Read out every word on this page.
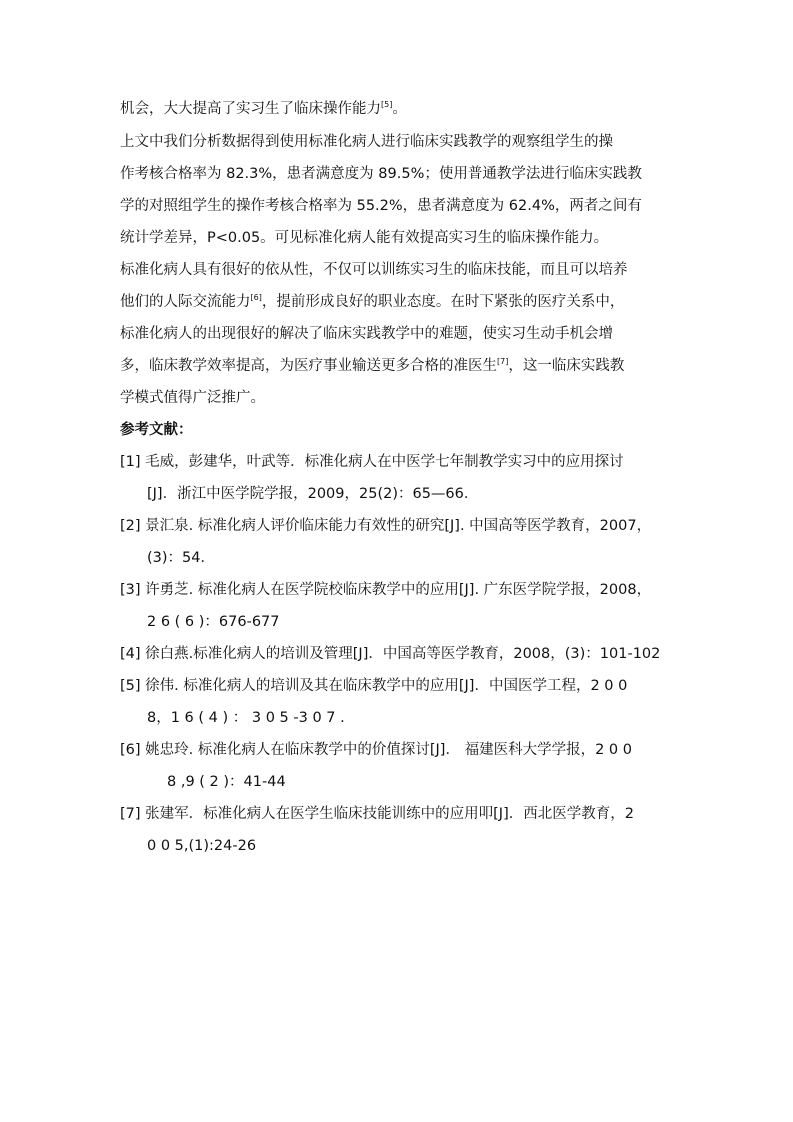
机会，大大提高了实习生了临床操作能力[5]。
上文中我们分析数据得到使用标准化病人进行临床实践教学的观察组学生的操
作考核合格率为 82.3%，患者满意度为 89.5%；使用普通教学法进行临床实践教
学的对照组学生的操作考核合格率为 55.2%，患者满意度为 62.4%，两者之间有
统计学差异，P<0.05。可见标准化病人能有效提高实习生的临床操作能力。
标准化病人具有很好的依从性，不仅可以训练实习生的临床技能，而且可以培养
他们的人际交流能力[6]，提前形成良好的职业态度。在时下紧张的医疗关系中，
标准化病人的出现很好的解决了临床实践教学中的难题，使实习生动手机会增
多，临床教学效率提高，为医疗事业输送更多合格的准医生[7]，这一临床实践教
学模式值得广泛推广。
参考文献：
[1] 毛威，彭建华，叶武等．标准化病人在中医学七年制教学实习中的应用探讨
[J]．浙江中医学院学报，2009，25(2)：65—66．
[2] 景汇泉. 标准化病人评价临床能力有效性的研究[J]. 中国高等医学教育，2007，
(3)：54．
[3] 许勇芝. 标准化病人在医学院校临床教学中的应用[J]. 广东医学院学报，2008，
2 6 ( 6 )：676-677
[4] 徐白燕.标准化病人的培训及管理[J]．中国高等医学教育，2008，(3)：101-102
[5] 徐伟. 标准化病人的培训及其在临床教学中的应用[J]．中国医学工程，2 0 0
8，1 6 ( 4 ) ： 3 0 5 -3 0 7 .
[6] 姚忠玲. 标准化病人在临床教学中的价值探讨[J]． 福建医科大学学报，2 0 0
8 ,9 ( 2 )：41-44
[7] 张建军．标准化病人在医学生临床技能训练中的应用叩[J]．西北医学教育，2
0 0 5,(1):24-26
